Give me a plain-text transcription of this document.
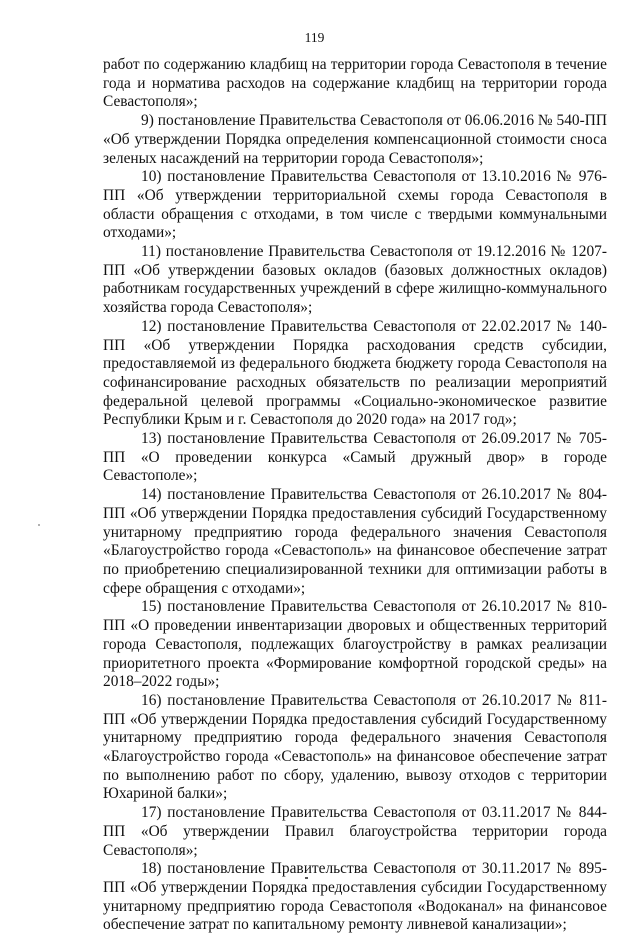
119

работ по содержанию кладбищ на территории города Севастополя в течение года и норматива расходов на содержание кладбищ на территории города Севастополя»;

9) постановление Правительства Севастополя от 06.06.2016 № 540-ПП «Об утверждении Порядка определения компенсационной стоимости сноса зеленых насаждений на территории города Севастополя»;

10) постановление Правительства Севастополя от 13.10.2016 № 976-ПП «Об утверждении территориальной схемы города Севастополя в области обращения с отходами, в том числе с твердыми коммунальными отходами»;

11) постановление Правительства Севастополя от 19.12.2016 № 1207-ПП «Об утверждении базовых окладов (базовых должностных окладов) работникам государственных учреждений в сфере жилищно-коммунального хозяйства города Севастополя»;

12) постановление Правительства Севастополя от 22.02.2017 № 140-ПП «Об утверждении Порядка расходования средств субсидии, предоставляемой из федерального бюджета бюджету города Севастополя на софинансирование расходных обязательств по реализации мероприятий федеральной целевой программы «Социально-экономическое развитие Республики Крым и г. Севастополя до 2020 года» на 2017 год»;

13) постановление Правительства Севастополя от 26.09.2017 № 705-ПП «О проведении конкурса «Самый дружный двор» в городе Севастополе»;

14) постановление Правительства Севастополя от 26.10.2017 № 804-ПП «Об утверждении Порядка предоставления субсидий Государственному унитарному предприятию города федерального значения Севастополя «Благоустройство города «Севастополь» на финансовое обеспечение затрат по приобретению специализированной техники для оптимизации работы в сфере обращения с отходами»;

15) постановление Правительства Севастополя от 26.10.2017 № 810-ПП «О проведении инвентаризации дворовых и общественных территорий города Севастополя, подлежащих благоустройству в рамках реализации приоритетного проекта «Формирование комфортной городской среды» на 2018–2022 годы»;

16) постановление Правительства Севастополя от 26.10.2017 № 811-ПП «Об утверждении Порядка предоставления субсидий Государственному унитарному предприятию города федерального значения Севастополя «Благоустройство города «Севастополь» на финансовое обеспечение затрат по выполнению работ по сбору, удалению, вывозу отходов с территории Юхариной балки»;

17) постановление Правительства Севастополя от 03.11.2017 № 844-ПП «Об утверждении Правил благоустройства территории города Севастополя»;

18) постановление Правительства Севастополя от 30.11.2017 № 895-ПП «Об утверждении Порядка предоставления субсидии Государственному унитарному предприятию города Севастополя «Водоканал» на финансовое обеспечение затрат по капитальному ремонту ливневой канализации»;
